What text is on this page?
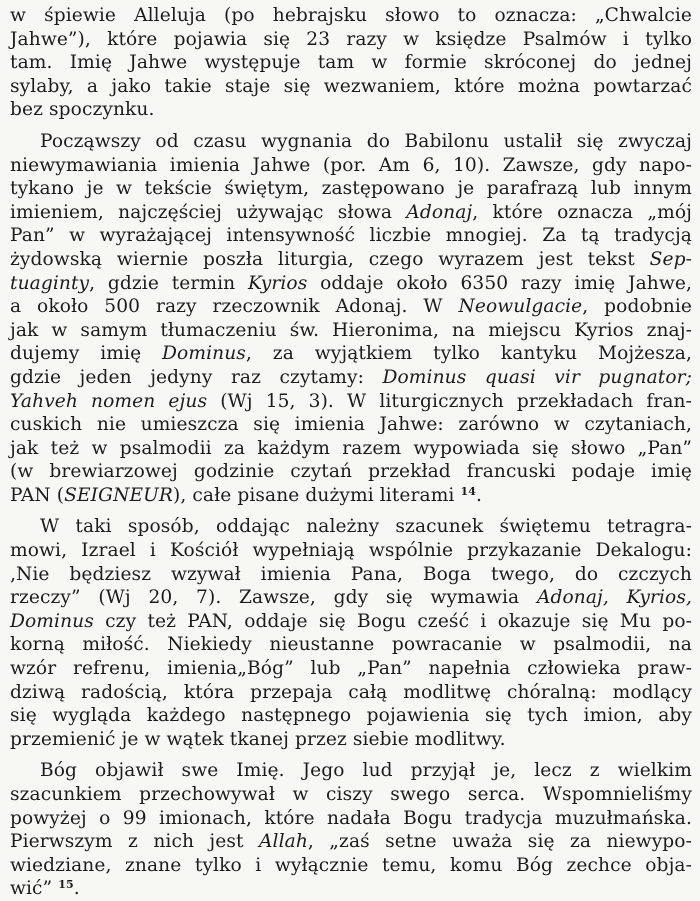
w śpiewie Alleluja (po hebrajsku słowo to oznacza: „Chwalcie
Jahwe”), które pojawia się 23 razy w księdze Psalmów i tylko
tam. Imię Jahwe występuje tam w formie skróconej do jednej
sylaby, a jako takie staje się wezwaniem, które można powtarzać
bez spoczynku.
Począwszy od czasu wygnania do Babilonu ustalił się zwyczaj
niewymawiania imienia Jahwe (por. Am 6, 10). Zawsze, gdy napo-
tykano je w tekście świętym, zastępowano je parafrazą lub innym
imieniem, najczęściej używając słowa Adonaj, które oznacza „mój
Pan” w wyrażającej intensywność liczbie mnogiej. Za tą tradycją
żydowską wiernie poszła liturgia, czego wyrazem jest tekst Sep-
tuaginty, gdzie termin Kyrios oddaje około 6350 razy imię Jahwe,
a około 500 razy rzeczownik Adonaj. W Neowulgacie, podobnie
jak w samym tłumaczeniu św. Hieronima, na miejscu Kyrios znaj-
dujemy imię Dominus, za wyjątkiem tylko kantyku Mojżesza,
gdzie jeden jedyny raz czytamy: Dominus quasi vir pugnator;
Yahveh nomen ejus (Wj 15, 3). W liturgicznych przekładach fran-
cuskich nie umieszcza się imienia Jahwe: zarówno w czytaniach,
jak też w psalmodii za każdym razem wypowiada się słowo „Pan”
(w brewiarzowej godzinie czytań przekład francuski podaje imię
PAN (SEIGNEUR), całe pisane dużymi literami $^{14}$.
W taki sposób, oddając należny szacunek świętemu tetragra-
mowi, Izrael i Kościół wypełniają wspólnie przykazanie Dekalogu:
‚Nie będziesz wzywał imienia Pana, Boga twego, do czczych
rzeczy” (Wj 20, 7). Zawsze, gdy się wymawia Adonaj, Kyrios,
Dominus czy też PAN, oddaje się Bogu cześć i okazuje się Mu po-
korną miłość. Niekiedy nieustanne powracanie w psalmodii, na
wzór refrenu, imienia„Bóg” lub „Pan” napełnia człowieka praw-
dziwą radością, która przepaja całą modlitwę chóralną: modlący
się wygląda każdego następnego pojawienia się tych imion, aby
przemienić je w wątek tkanej przez siebie modlitwy.
Bóg objawił swe Imię. Jego lud przyjął je, lecz z wielkim
szacunkiem przechowywał w ciszy swego serca. Wspomnieliśmy
powyżej o 99 imionach, które nadała Bogu tradycja muzułmańska.
Pierwszym z nich jest Allah, „zaś setne uważa się za niewypo-
wiedziane, znane tylko i wyłącznie temu, komu Bóg zechce obja-
wić” $^{15}$.
